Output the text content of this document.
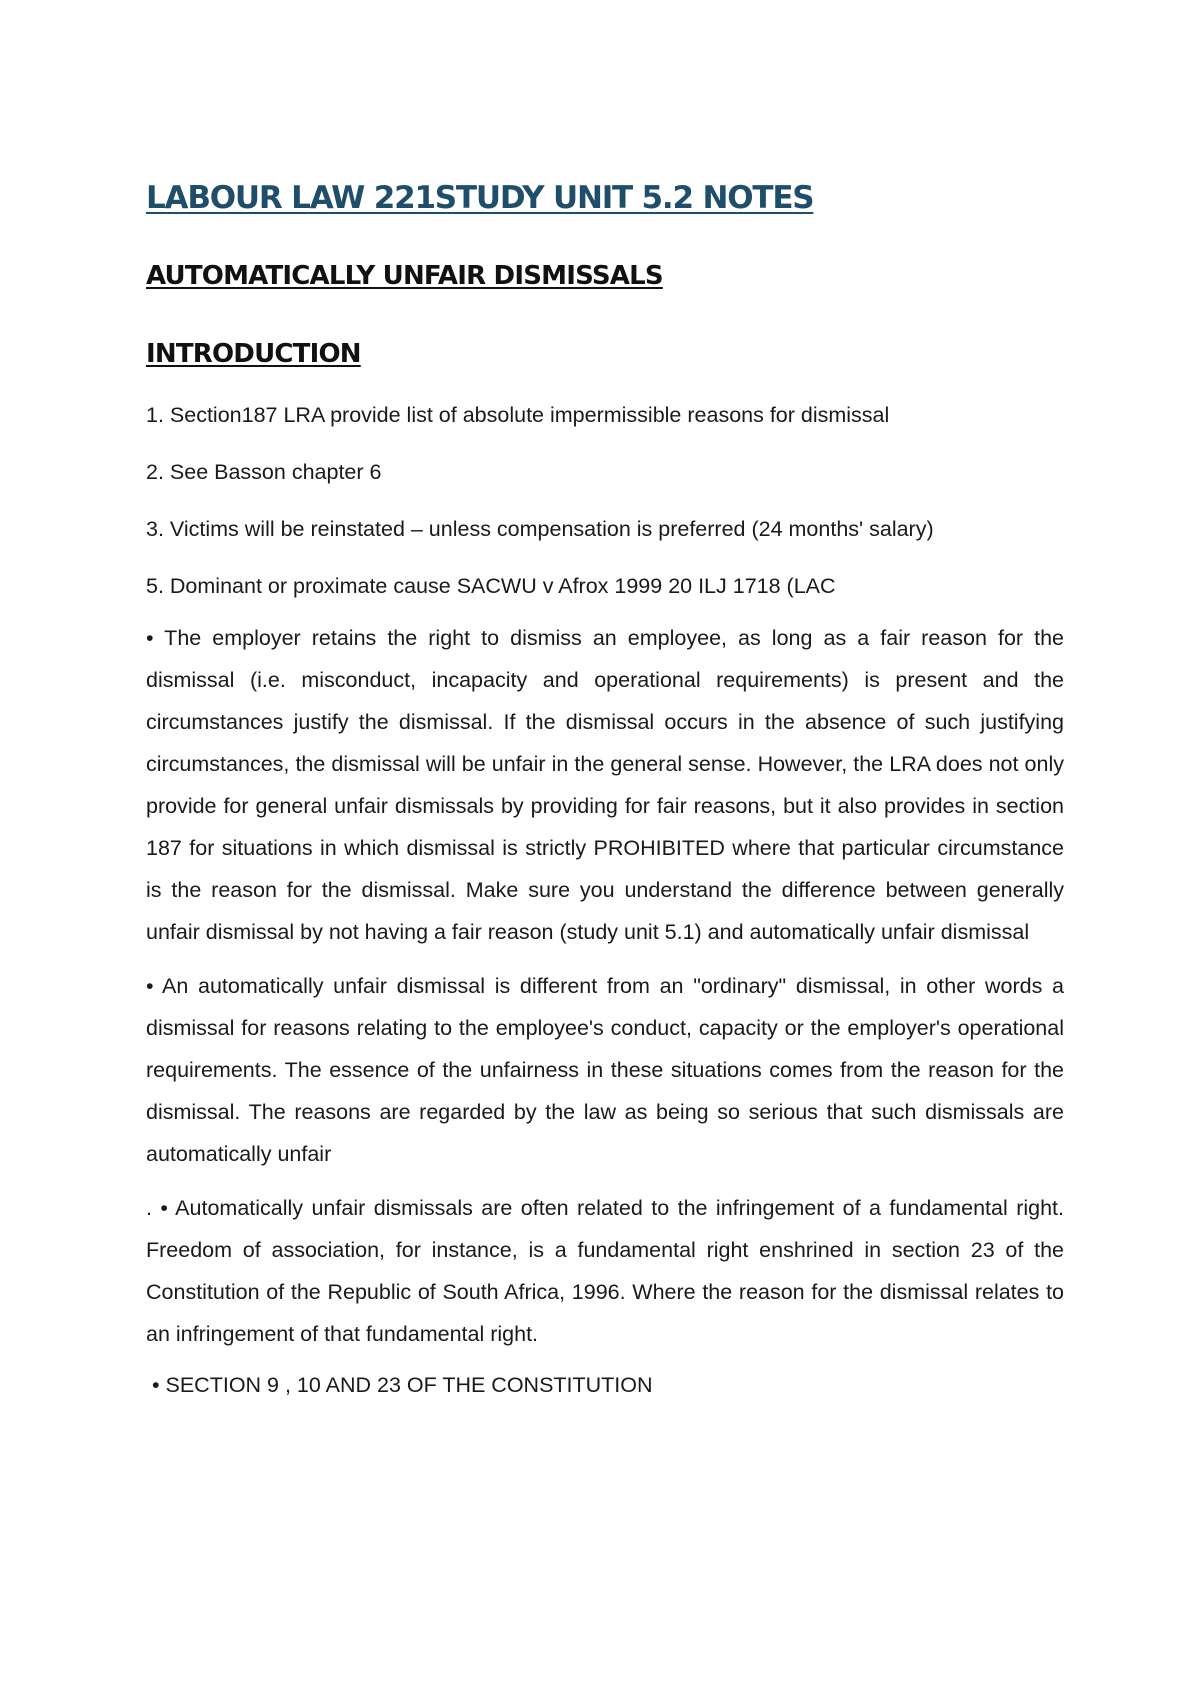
LABOUR LAW 221STUDY UNIT 5.2 NOTES
AUTOMATICALLY UNFAIR DISMISSALS
INTRODUCTION

1. Section187 LRA provide list of absolute impermissible reasons for dismissal

2. See Basson chapter 6

3. Victims will be reinstated – unless compensation is preferred (24 months' salary)

5. Dominant or proximate cause SACWU v Afrox 1999 20 ILJ 1718 (LAC

• The employer retains the right to dismiss an employee, as long as a fair reason for the dismissal (i.e. misconduct, incapacity and operational requirements) is present and the circumstances justify the dismissal. If the dismissal occurs in the absence of such justifying circumstances, the dismissal will be unfair in the general sense. However, the LRA does not only provide for general unfair dismissals by providing for fair reasons, but it also provides in section 187 for situations in which dismissal is strictly PROHIBITED where that particular circumstance is the reason for the dismissal. Make sure you understand the difference between generally unfair dismissal by not having a fair reason (study unit 5.1) and automatically unfair dismissal

• An automatically unfair dismissal is different from an "ordinary" dismissal, in other words a dismissal for reasons relating to the employee's conduct, capacity or the employer's operational requirements. The essence of the unfairness in these situations comes from the reason for the dismissal. The reasons are regarded by the law as being so serious that such dismissals are automatically unfair

. • Automatically unfair dismissals are often related to the infringement of a fundamental right. Freedom of association, for instance, is a fundamental right enshrined in section 23 of the Constitution of the Republic of South Africa, 1996. Where the reason for the dismissal relates to an infringement of that fundamental right.

• SECTION 9 , 10 AND 23 OF THE CONSTITUTION
